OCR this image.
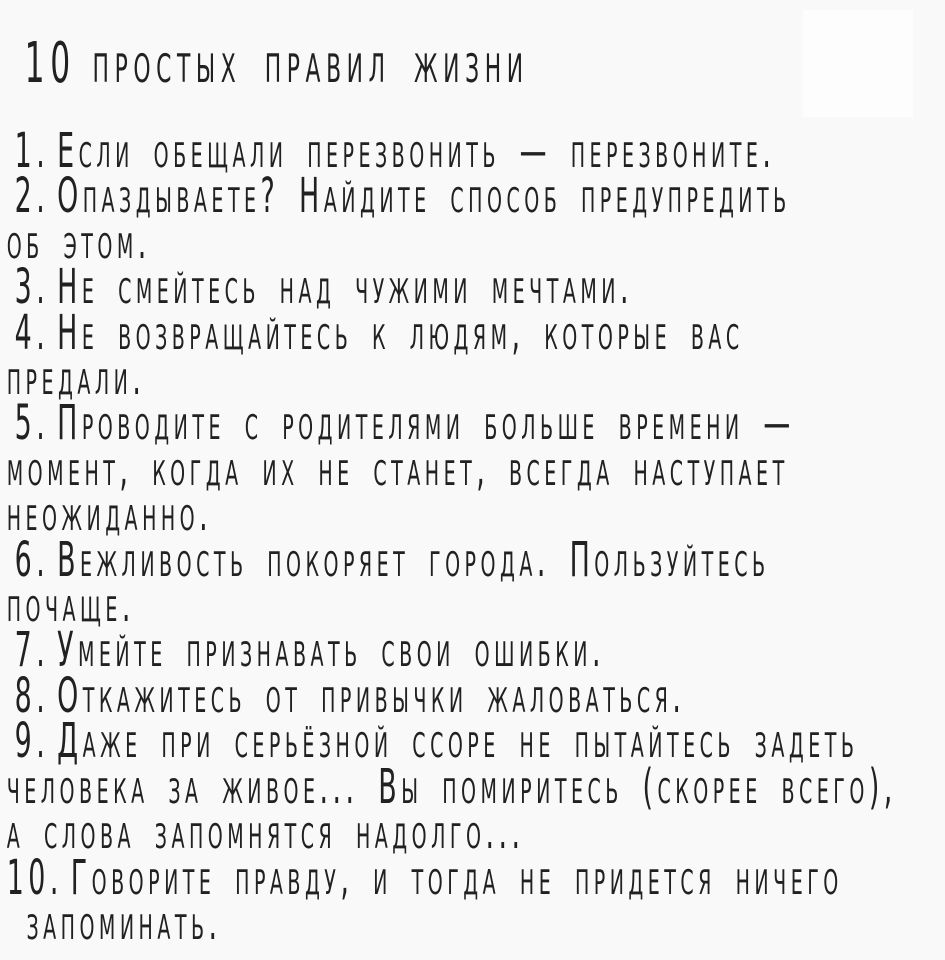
10 простых правил жизни
1. Если обещали перезвонить — перезвоните.
2. Опаздываете? Найдите способ предупредить
об этом.
3. Не смейтесь над чужими мечтами.
4. Не возвращайтесь к людям, которые вас
предали.
5. Проводите с родителями больше времени —
момент, когда их не станет, всегда наступает
неожиданно.
6. Вежливость покоряет города. Пользуйтесь
почаще.
7. Умейте признавать свои ошибки.
8. Откажитесь от привычки жаловаться.
9. Даже при серьёзной ссоре не пытайтесь задеть
человека за живое... Вы помиритесь (скорее всего),
а слова запомнятся надолго...
10. Говорите правду, и тогда не придется ничего
запоминать.
